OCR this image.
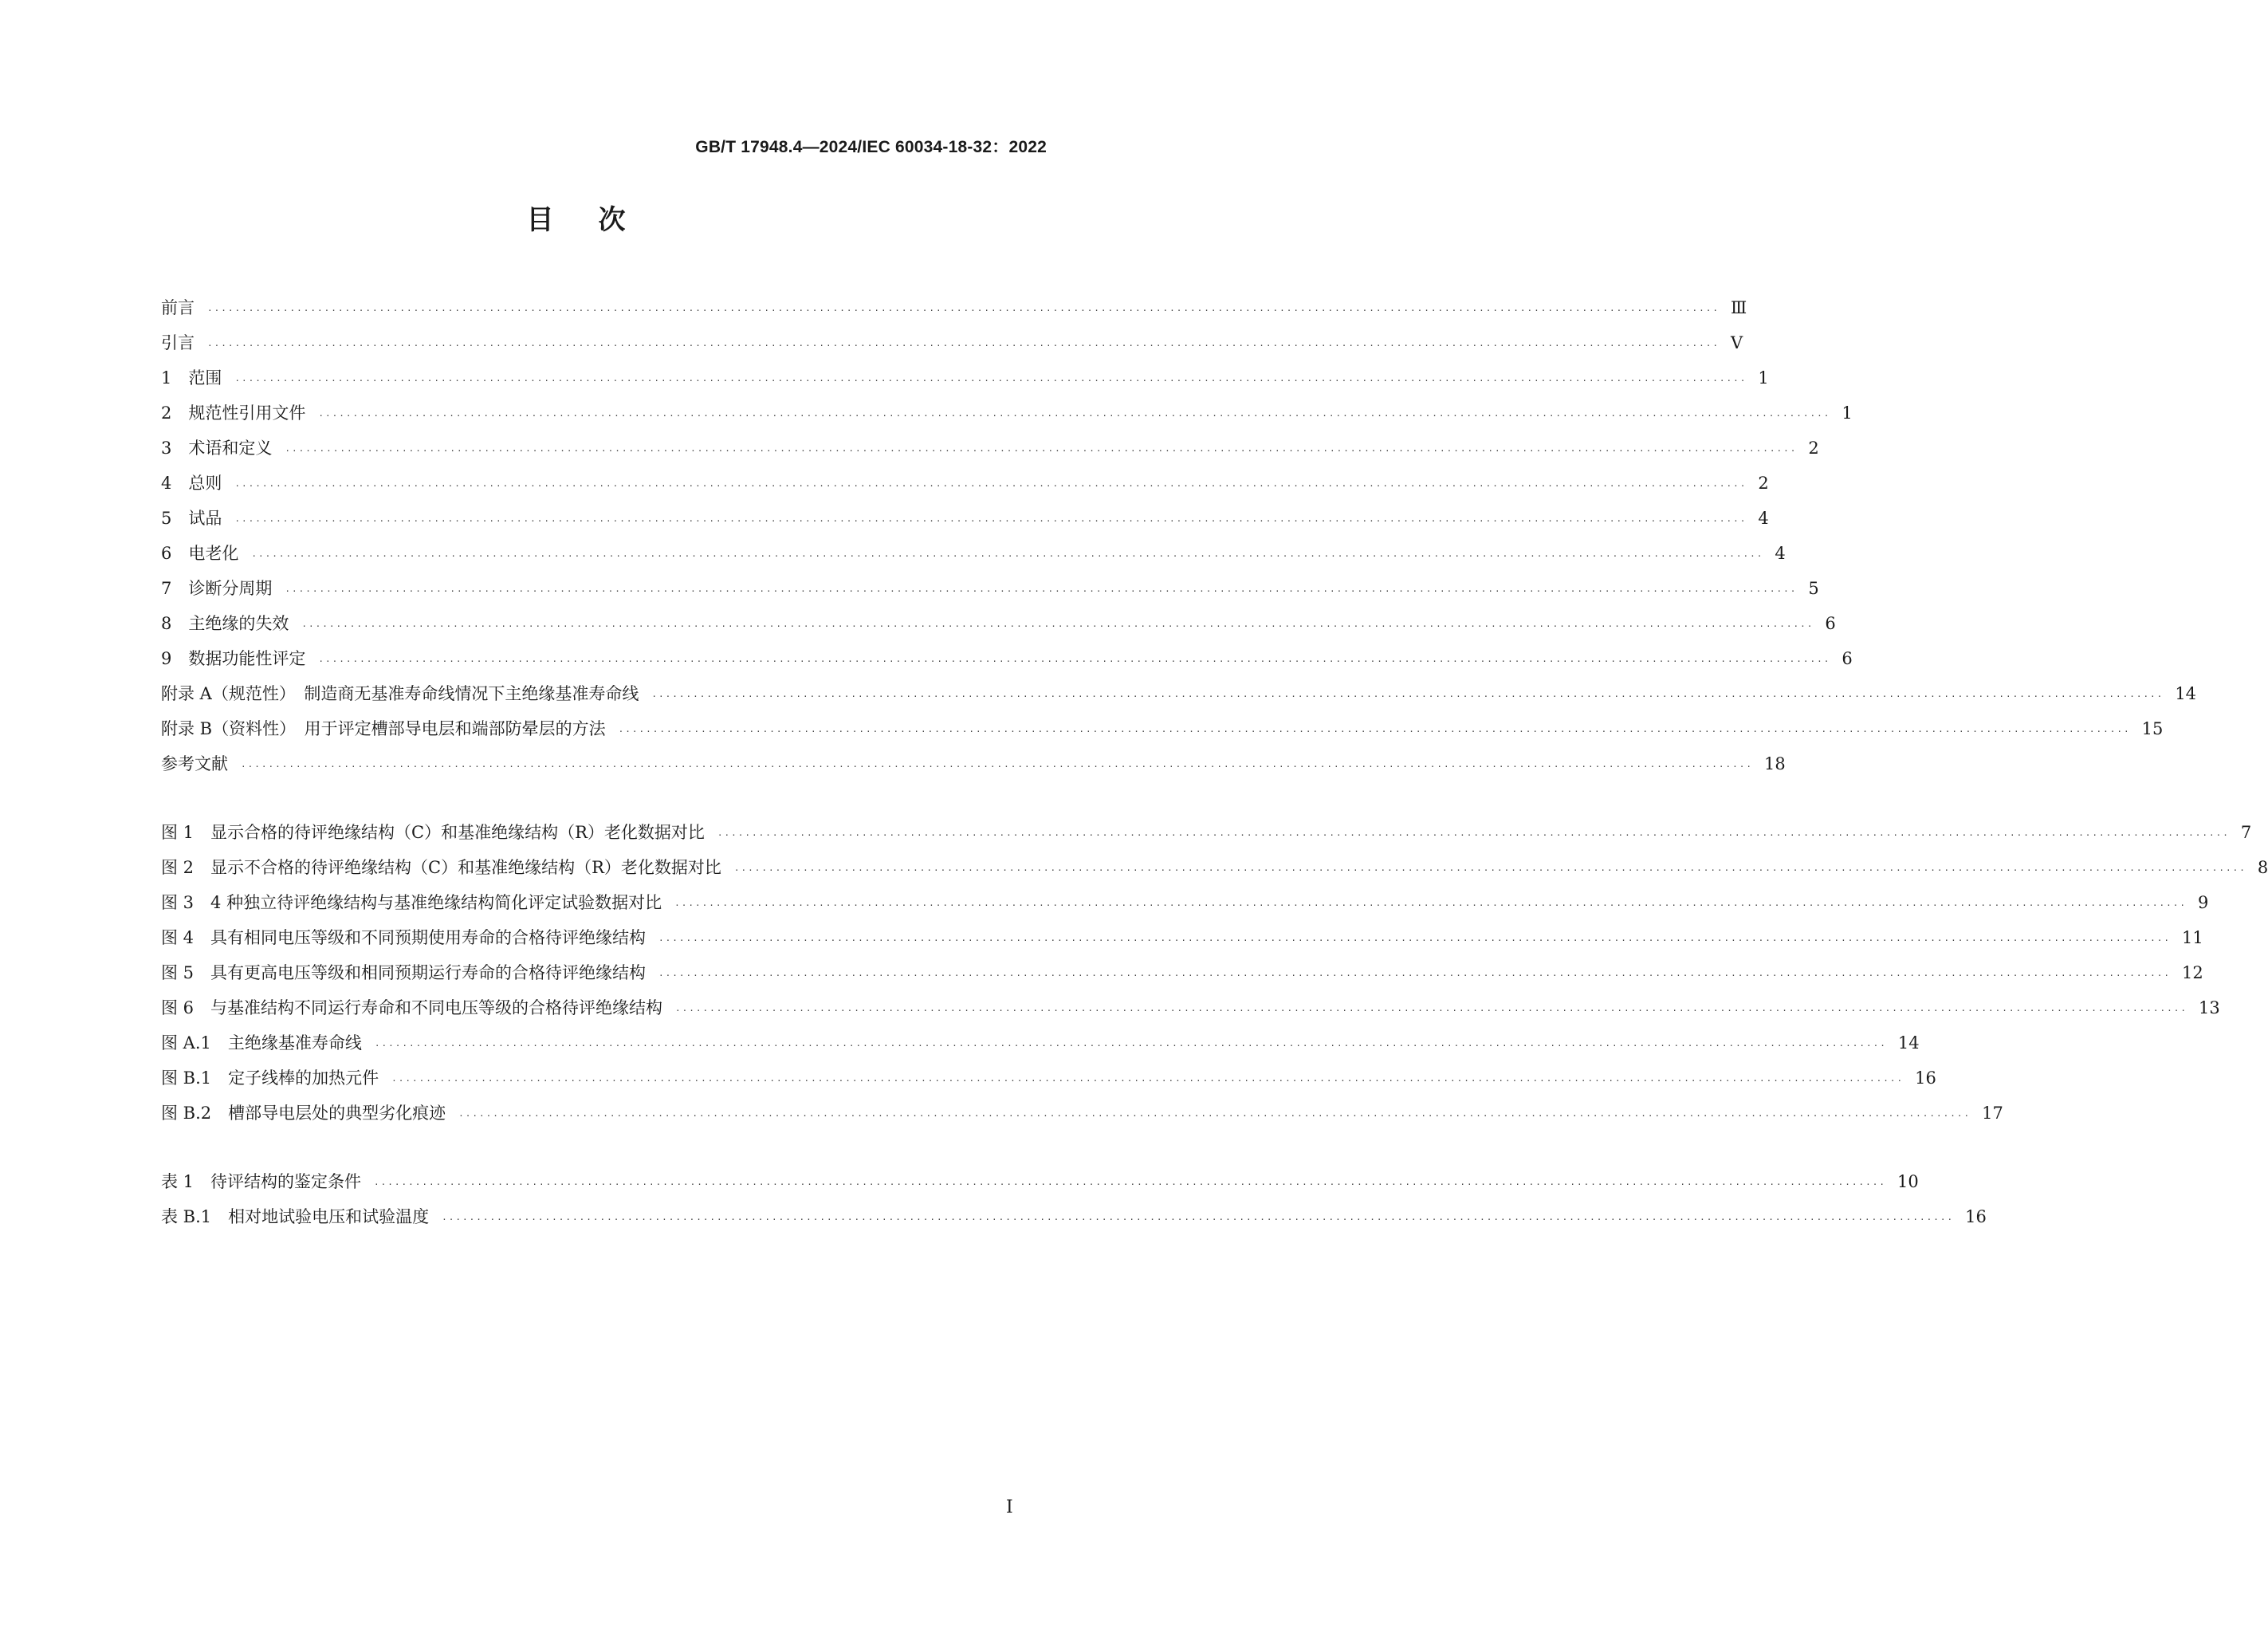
GB/T 17948.4—2024/IEC 60034-18-32：2022
目次
前言	···························································································································································································································· Ⅲ
引言	···························································································································································································································· Ⅴ
1　范围	···························································································································································································································· 1
2　规范性引用文件	···························································································································································································································· 1
3　术语和定义	···························································································································································································································· 2
4　总则	···························································································································································································································· 2
5　试品	···························································································································································································································· 4
6　电老化	···························································································································································································································· 4
7　诊断分周期	···························································································································································································································· 5
8　主绝缘的失效	···························································································································································································································· 6
9　数据功能性评定	···························································································································································································································· 6
附录 A（规范性）　制造商无基准寿命线情况下主绝缘基准寿命线	···························································································································································································································· 14
附录 B（资料性）　用于评定槽部导电层和端部防晕层的方法	···························································································································································································································· 15
参考文献	···························································································································································································································· 18
图 1　显示合格的待评绝缘结构（C）和基准绝缘结构（R）老化数据对比	···························································································································································································································· 7
图 2　显示不合格的待评绝缘结构（C）和基准绝缘结构（R）老化数据对比	···························································································································································································································· 8
图 3　4 种独立待评绝缘结构与基准绝缘结构简化评定试验数据对比	···························································································································································································································· 9
图 4　具有相同电压等级和不同预期使用寿命的合格待评绝缘结构	···························································································································································································································· 11
图 5　具有更高电压等级和相同预期运行寿命的合格待评绝缘结构	···························································································································································································································· 12
图 6　与基准结构不同运行寿命和不同电压等级的合格待评绝缘结构	···························································································································································································································· 13
图 A.1　主绝缘基准寿命线	···························································································································································································································· 14
图 B.1　定子线棒的加热元件	···························································································································································································································· 16
图 B.2　槽部导电层处的典型劣化痕迹	···························································································································································································································· 17
表 1　待评结构的鉴定条件	···························································································································································································································· 10
表 B.1　相对地试验电压和试验温度	···························································································································································································································· 16
Ⅰ
